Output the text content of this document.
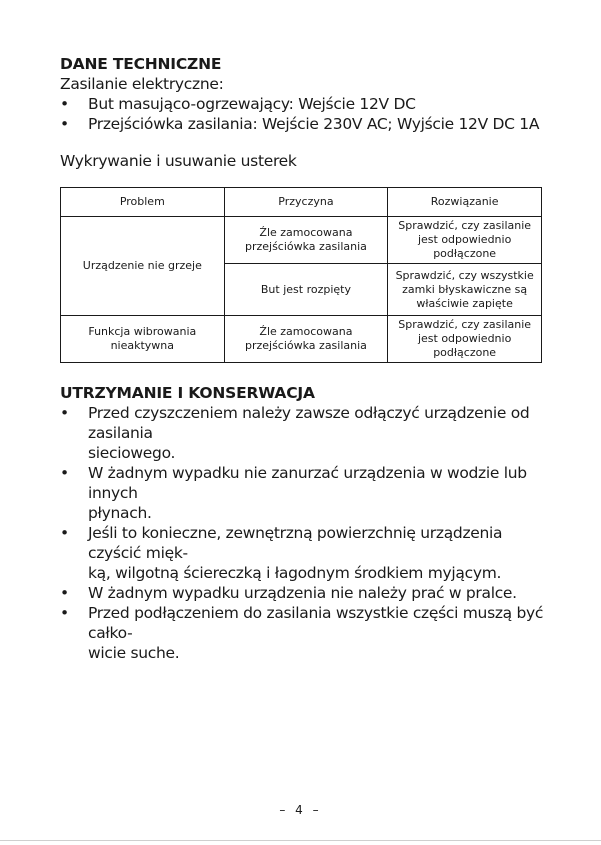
DANE TECHNICZNE

Zasilanie elektryczne:

• But masująco-ogrzewający: Wejście 12V DC
• Przejściówka zasilania: Wejście 230V AC; Wyjście 12V DC 1A

Wykrywanie i usuwanie usterek

Problem	Przyczyna	Rozwiązanie
Urządzenie nie grzeje	Źle zamocowana przejściówka zasilania	Sprawdzić, czy zasilanie jest odpowiednio podłączone
	But jest rozpięty	Sprawdzić, czy wszystkie zamki błyskawiczne są właściwie zapięte
Funkcja wibrowania nieaktywna	Źle zamocowana przejściówka zasilania	Sprawdzić, czy zasilanie jest odpowiednio podłączone
UTRZYMANIE I KONSERWACJA
• Przed czyszczeniem należy zawsze odłączyć urządzenie od zasilania
sieciowego.
• W żadnym wypadku nie zanurzać urządzenia w wodzie lub innych
płynach.
• Jeśli to konieczne, zewnętrzną powierzchnię urządzenia czyścić mięk-
ką, wilgotną ściereczką i łagodnym środkiem myjącym.
• W żadnym wypadku urządzenia nie należy prać w pralce.
• Przed podłączeniem do zasilania wszystkie części muszą być całko-
wicie suche.
– 4 –
